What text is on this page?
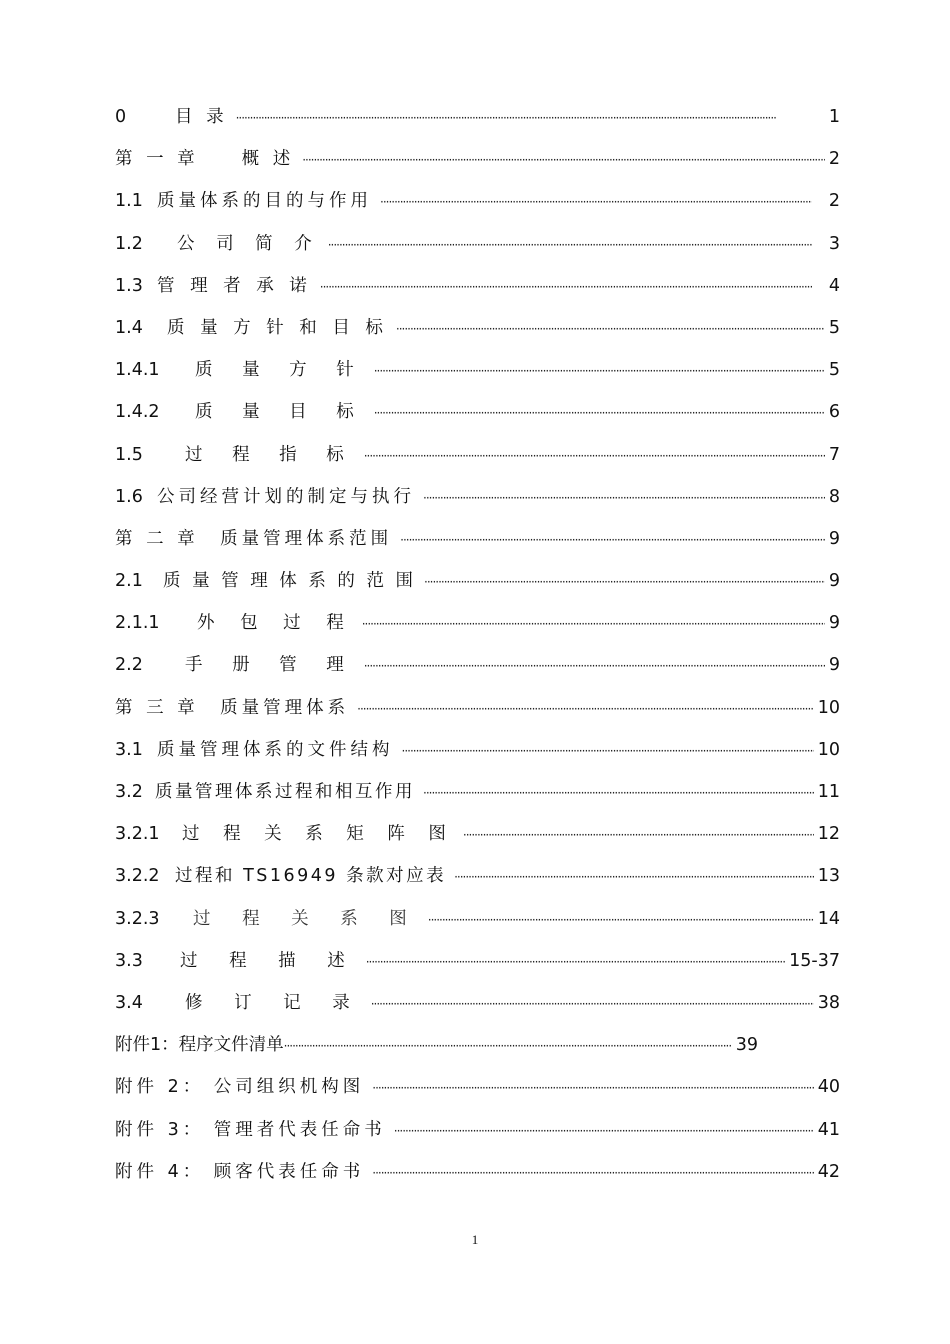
0	目 录 ·····	1
第 一 章　　概 述 ·····	2
1.1 质量体系的目的与作用 ·····	2
1.2	公 司 简 介 ·····	3
1.3 管 理 者 承 诺 ·····	4
1.4	质 量 方 针 和 目 标 ·····	5
1.4.1	质 量 方 针 ·····	5
1.4.2	质 量 目 标 ·····	6
1.5	过 程 指 标 ·····	7
1.6 公司经营计划的制定与执行 ·····	8
第 二 章　质量管理体系范围 ·····	9
2.1	质 量 管 理 体 系 的 范 围 ·····	9
2.1.1	外 包 过 程 ·····	9
2.2	手 册 管 理 ·····	9
第 三 章　质量管理体系 ·····	10
3.1 质量管理体系的文件结构 ·····	10
3.2 质量管理体系过程和相互作用 ·····	11
3.2.1	过 程 关 系 矩 阵 图 ·····	12
3.2.2 过程和 TS16949 条款对应表 ·····	13
3.2.3	过 程 关 系 图 ·····	14
3.3	过 程 描 述 ·····	15-37
3.4	修 订 记 录 ·····	38
附件1：程序文件清单 ·····	39
附件 2： 公司组织机构图 ·····	40
附件 3： 管理者代表任命书 ·····	41
附件 4： 顾客代表任命书 ·····	42
1
